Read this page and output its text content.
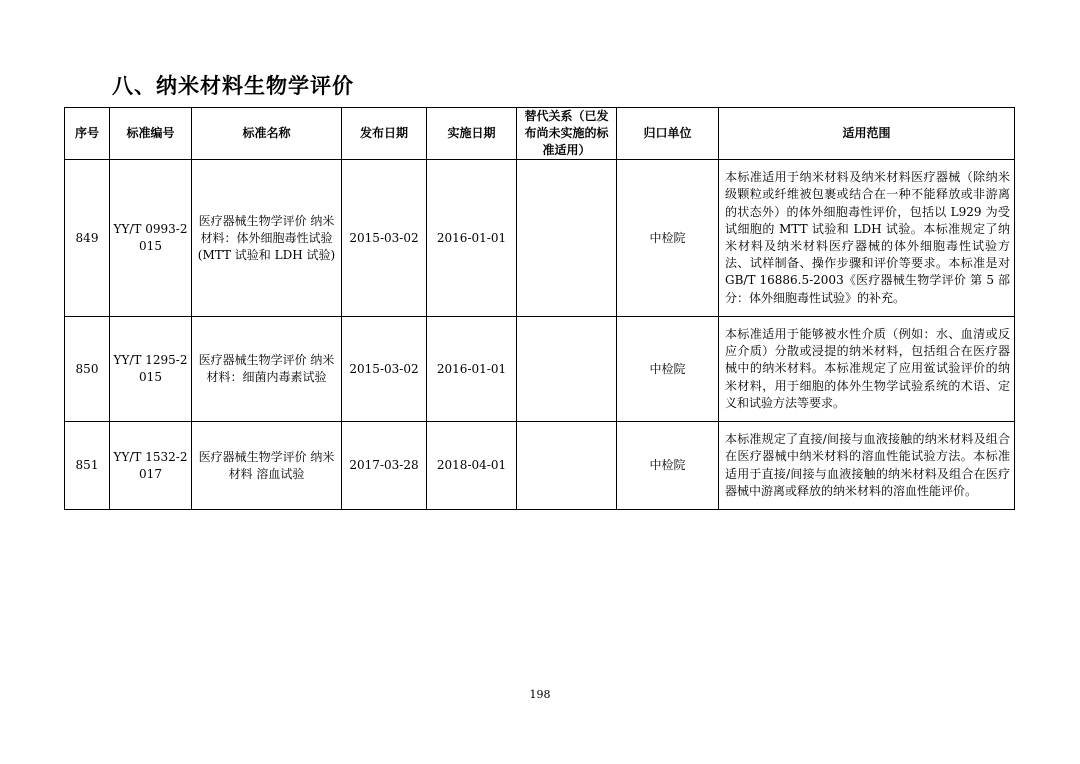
八、纳米材料生物学评价
序号	标准编号	标准名称	发布日期	实施日期	替代关系（已发布尚未实施的标准适用）	归口单位	适用范围
849	YY/T 0993-2015	医疗器械生物学评价 纳米材料：体外细胞毒性试验(MTT 试验和 LDH 试验)	2015-03-02	2016-01-01		中检院	本标准适用于纳米材料及纳米材料医疗器械（除纳米级颗粒或纤维被包裹或结合在一种不能释放或非游离的状态外）的体外细胞毒性评价，包括以 L929 为受试细胞的 MTT 试验和 LDH 试验。本标准规定了纳米材料及纳米材料医疗器械的体外细胞毒性试验方法、试样制备、操作步骤和评价等要求。本标准是对 GB/T 16886.5-2003《医疗器械生物学评价 第 5 部分：体外细胞毒性试验》的补充。
850	YY/T 1295-2015	医疗器械生物学评价 纳米材料：细菌内毒素试验	2015-03-02	2016-01-01		中检院	本标准适用于能够被水性介质（例如：水、血清或反应介质）分散或浸提的纳米材料，包括组合在医疗器械中的纳米材料。本标准规定了应用鲎试验评价的纳米材料，用于细胞的体外生物学试验系统的术语、定义和试验方法等要求。
851	YY/T 1532-2017	医疗器械生物学评价 纳米材料 溶血试验	2017-03-28	2018-04-01		中检院	本标准规定了直接/间接与血液接触的纳米材料及组合在医疗器械中纳米材料的溶血性能试验方法。本标准适用于直接/间接与血液接触的纳米材料及组合在医疗器械中游离或释放的纳米材料的溶血性能评价。
198
